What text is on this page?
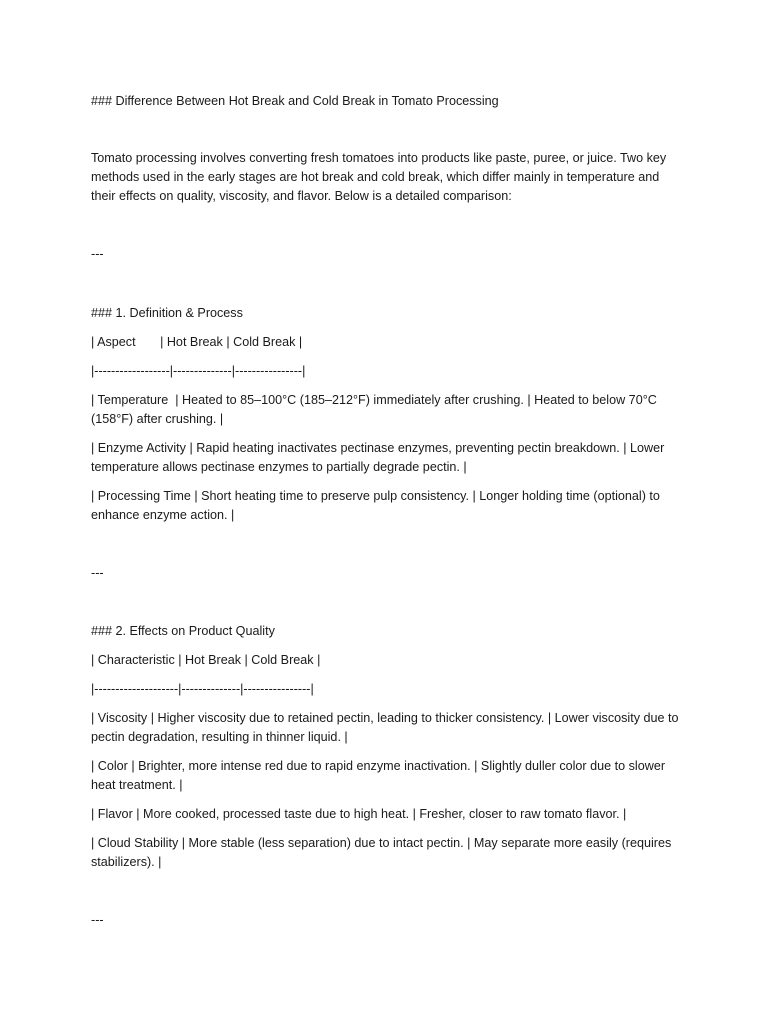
### Difference Between Hot Break and Cold Break in Tomato Processing

Tomato processing involves converting fresh tomatoes into products like paste, puree, or juice. Two key methods used in the early stages are hot break and cold break, which differ mainly in temperature and their effects on quality, viscosity, and flavor. Below is a detailed comparison:

---

### 1. Definition & Process

| Aspect       | Hot Break | Cold Break |

|------------------|--------------|----------------|

| Temperature  | Heated to 85–100°C (185–212°F) immediately after crushing. | Heated to below 70°C (158°F) after crushing. |

| Enzyme Activity | Rapid heating inactivates pectinase enzymes, preventing pectin breakdown. | Lower temperature allows pectinase enzymes to partially degrade pectin. |

| Processing Time | Short heating time to preserve pulp consistency. | Longer holding time (optional) to enhance enzyme action. |

---

### 2. Effects on Product Quality

| Characteristic | Hot Break | Cold Break |

|--------------------|--------------|----------------|

| Viscosity | Higher viscosity due to retained pectin, leading to thicker consistency. | Lower viscosity due to pectin degradation, resulting in thinner liquid. |

| Color | Brighter, more intense red due to rapid enzyme inactivation. | Slightly duller color due to slower heat treatment. |

| Flavor | More cooked, processed taste due to high heat. | Fresher, closer to raw tomato flavor. |

| Cloud Stability | More stable (less separation) due to intact pectin. | May separate more easily (requires stabilizers). |

---
